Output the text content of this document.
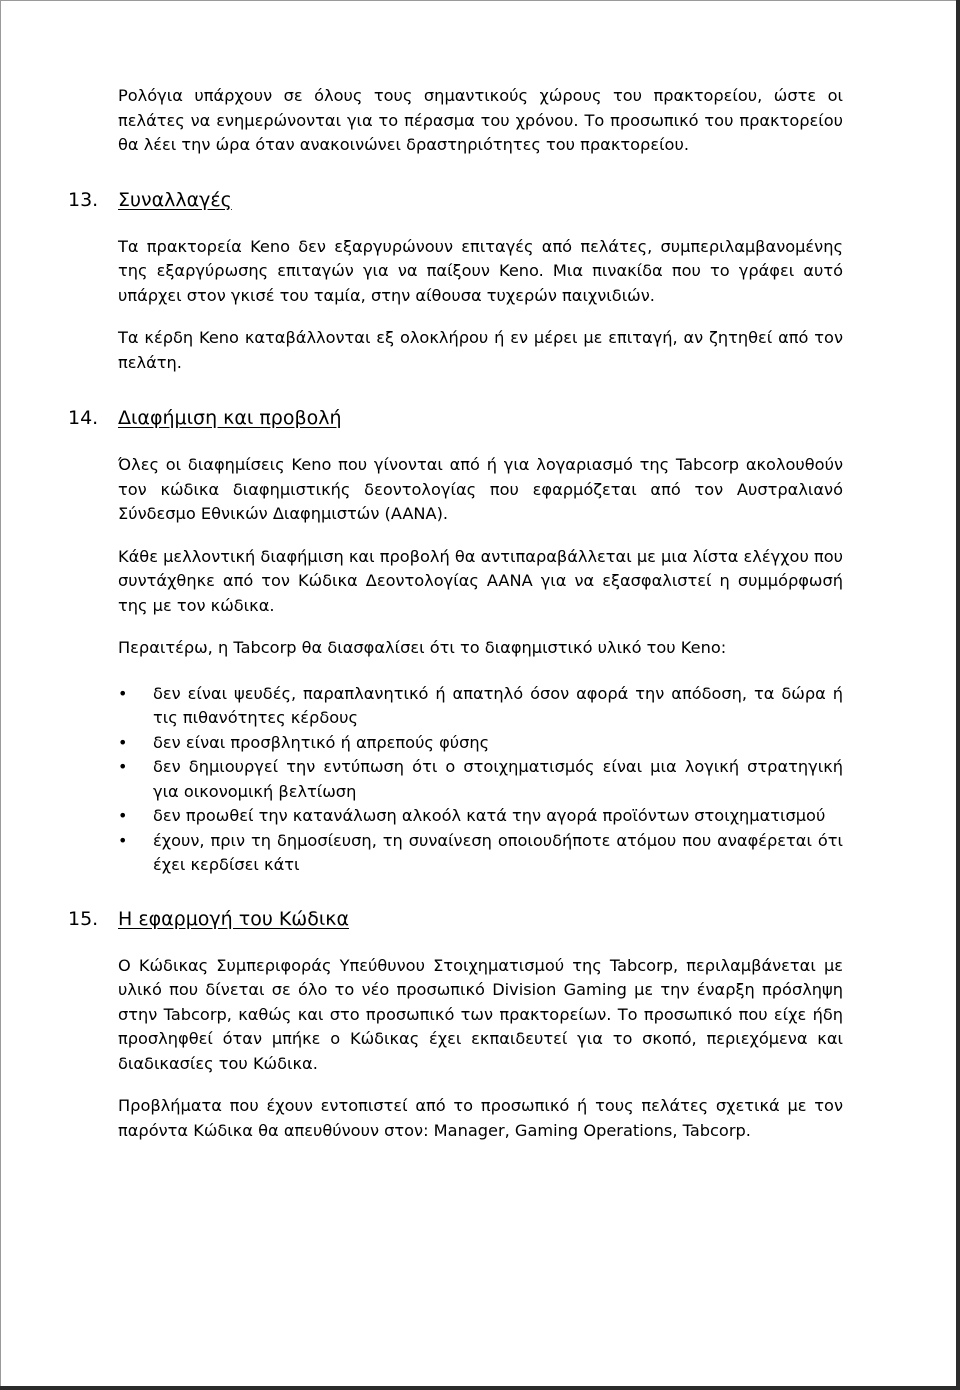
Ρολόγια υπάρχουν σε όλους τους σημαντικούς χώρους του πρακτορείου, ώστε οι πελάτες να ενημερώνονται για το πέρασμα του χρόνου. Το προσωπικό του πρακτορείου θα λέει την ώρα όταν ανακοινώνει δραστηριότητες του πρακτορείου.

13. Συναλλαγές

Τα πρακτορεία Keno δεν εξαργυρώνουν επιταγές από πελάτες, συμπεριλαμβανομένης της εξαργύρωσης επιταγών για να παίξουν Keno. Μια πινακίδα που το γράφει αυτό υπάρχει στον γκισέ του ταμία, στην αίθουσα τυχερών παιχνιδιών.

Τα κέρδη Keno καταβάλλονται εξ ολοκλήρου ή εν μέρει με επιταγή, αν ζητηθεί από τον πελάτη.

14. Διαφήμιση και προβολή

Όλες οι διαφημίσεις Keno που γίνονται από ή για λογαριασμό της Tabcorp ακολουθούν τον κώδικα διαφημιστικής δεοντολογίας που εφαρμόζεται από τον Αυστραλιανό Σύνδεσμο Εθνικών Διαφημιστών (AANA).

Κάθε μελλοντική διαφήμιση και προβολή θα αντιπαραβάλλεται με μια λίστα ελέγχου που συντάχθηκε από τον Κώδικα Δεοντολογίας AANA για να εξασφαλιστεί η συμμόρφωσή της με τον κώδικα.

Περαιτέρω, η Tabcorp θα διασφαλίσει ότι το διαφημιστικό υλικό του Keno:

•	δεν είναι ψευδές, παραπλανητικό ή απατηλό όσον αφορά την απόδοση, τα δώρα ή τις πιθανότητες κέρδους
•	δεν είναι προσβλητικό ή απρεπούς φύσης
•	δεν δημιουργεί την εντύπωση ότι ο στοιχηματισμός είναι μια λογική στρατηγική για οικονομική βελτίωση
•	δεν προωθεί την κατανάλωση αλκοόλ κατά την αγορά προϊόντων στοιχηματισμού
•	έχουν, πριν τη δημοσίευση, τη συναίνεση οποιουδήποτε ατόμου που αναφέρεται ότι έχει κερδίσει κάτι
15. Η εφαρμογή του Κώδικα

Ο Κώδικας Συμπεριφοράς Υπεύθυνου Στοιχηματισμού της Tabcorp, περιλαμβάνεται με υλικό που δίνεται σε όλο το νέο προσωπικό Division Gaming με την έναρξη πρόσληψη στην Tabcorp, καθώς και στο προσωπικό των πρακτορείων. Το προσωπικό που είχε ήδη προσληφθεί όταν μπήκε ο Κώδικας έχει εκπαιδευτεί για το σκοπό, περιεχόμενα και διαδικασίες του Κώδικα.

Προβλήματα που έχουν εντοπιστεί από το προσωπικό ή τους πελάτες σχετικά με τον παρόντα Κώδικα θα απευθύνουν στον: Manager, Gaming Operations, Tabcorp.
